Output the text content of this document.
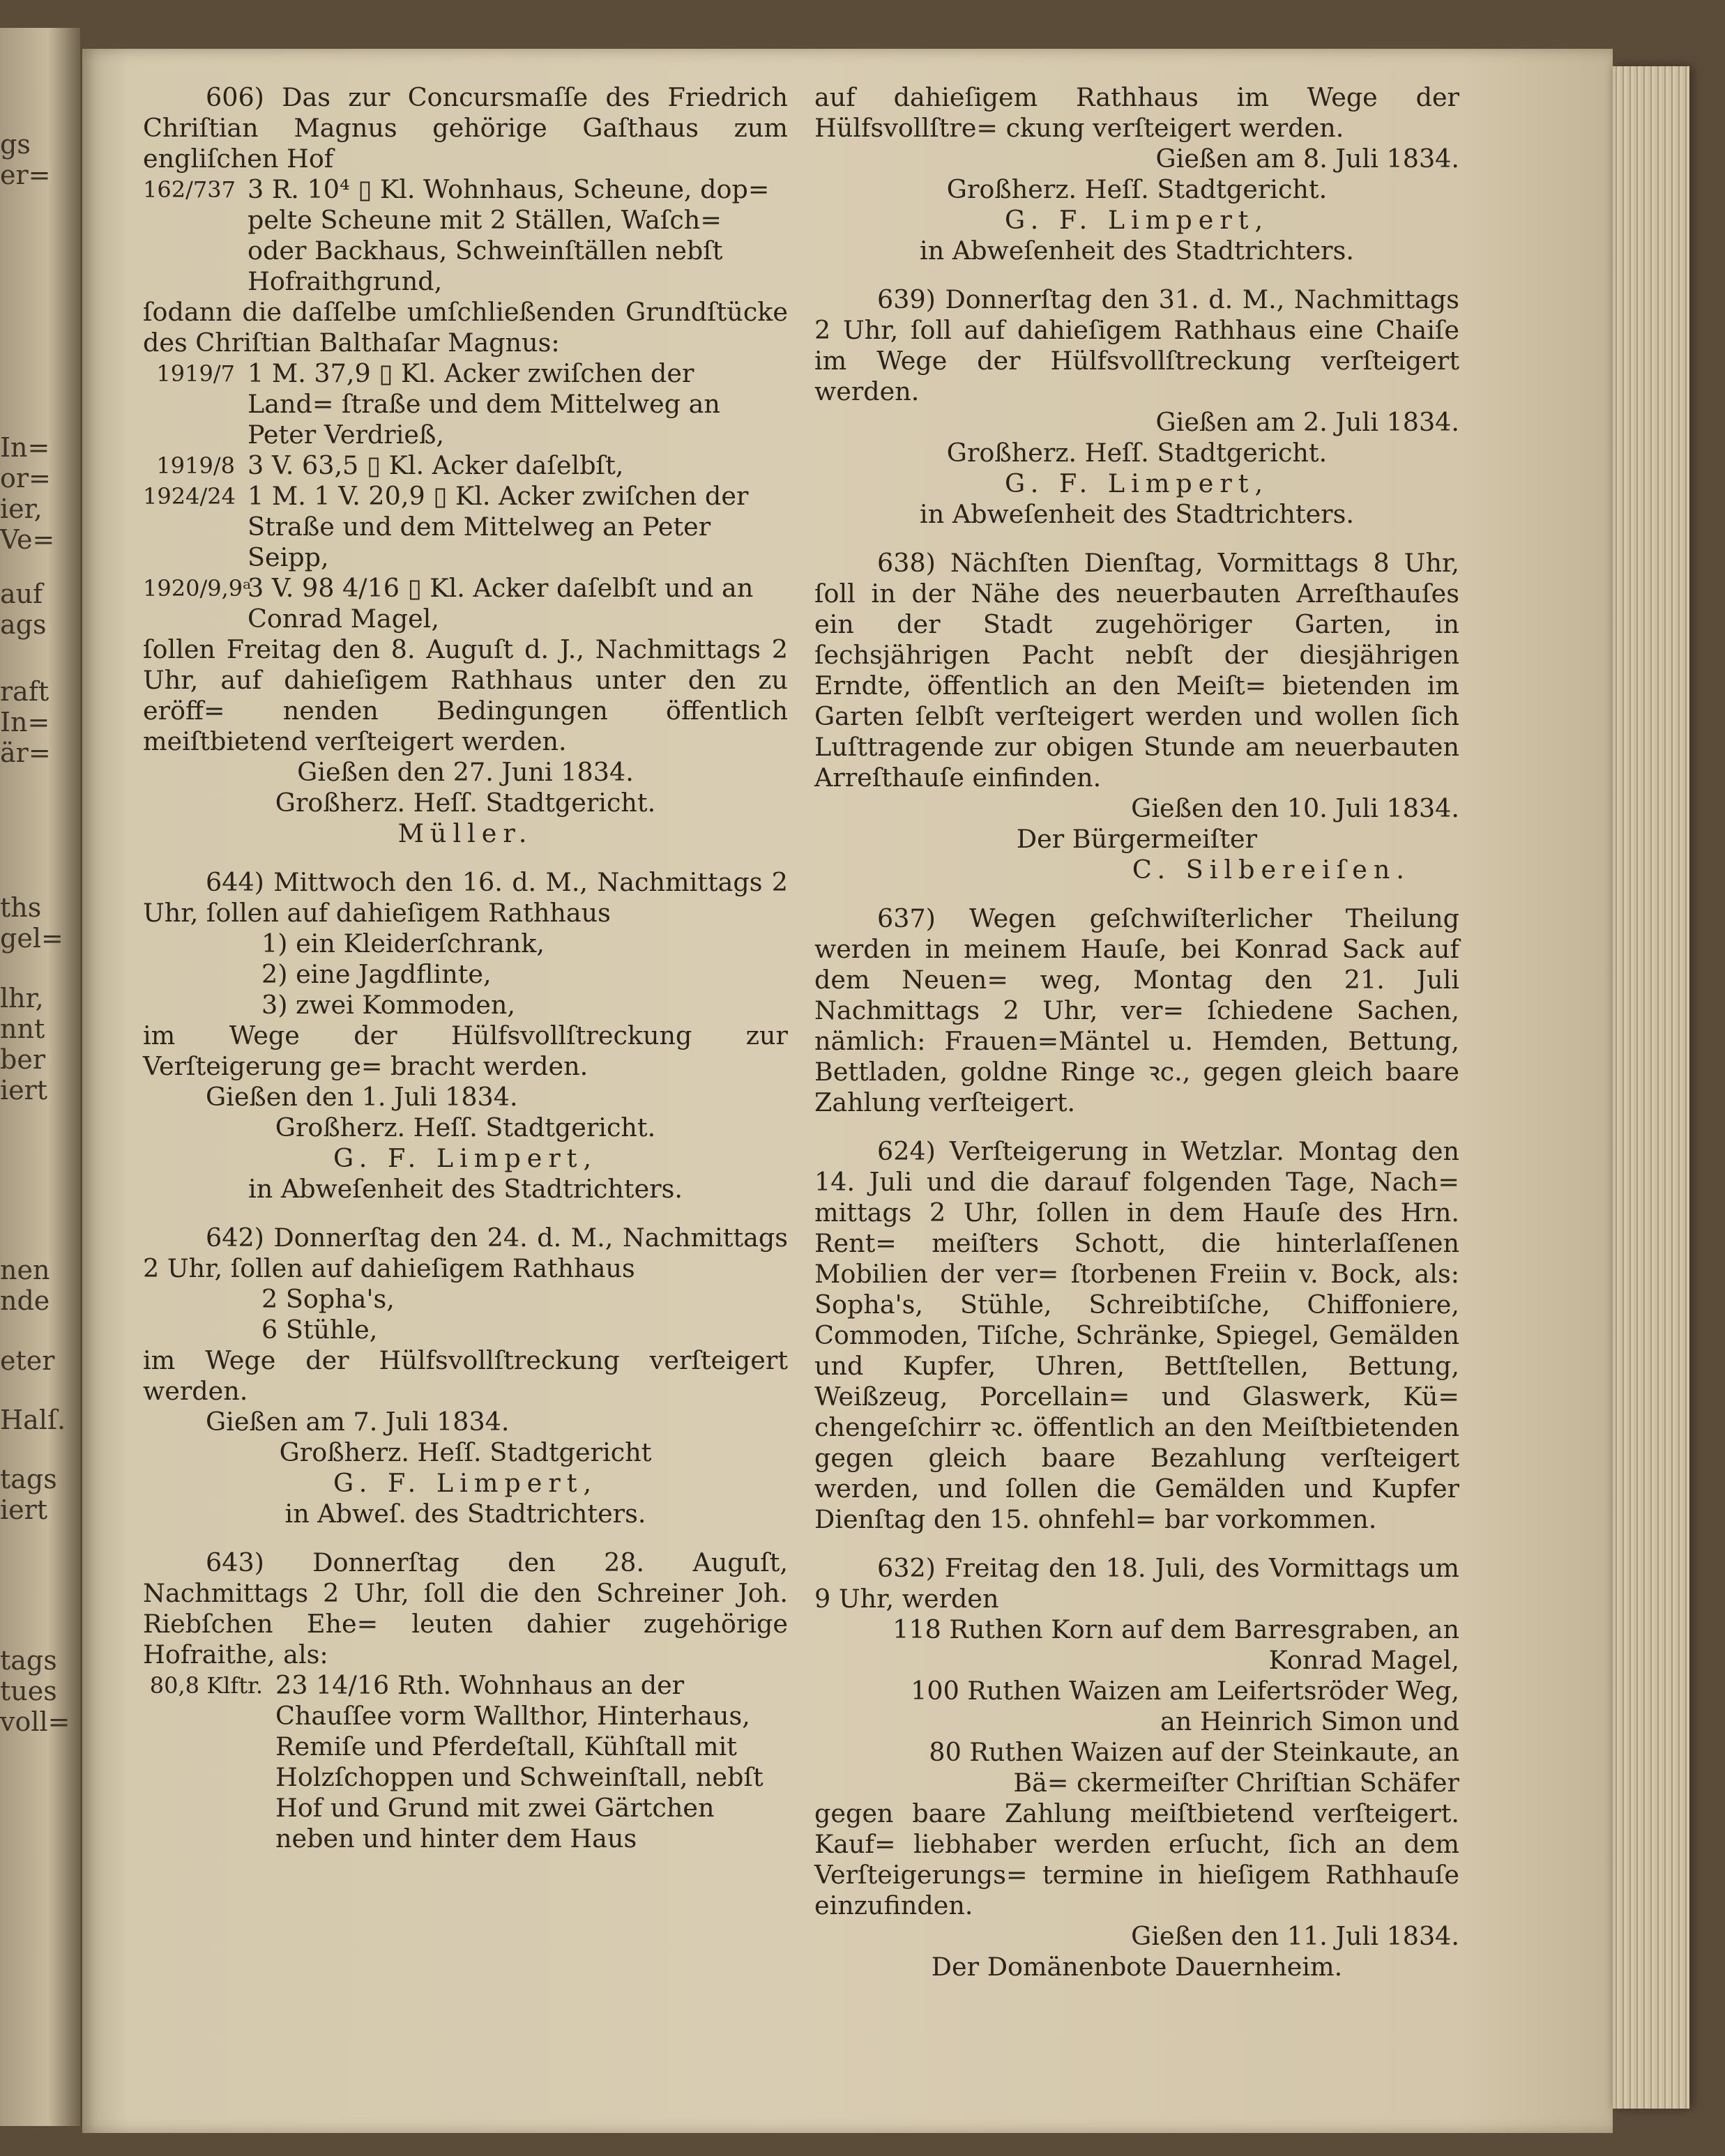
gs
er=
In=
or=
ier,
Ve=
auf
ags
raft
In=
är=
ths
gel=
lhr,
nnt
ber
iert
nen
nde
eter
Halſ.
tags
iert
tags
tues
voll=

606) Das zur Concursmaſſe des Friedrich Chriſtian Magnus gehörige Gaſthaus zum engliſchen Hof

162/737 3 R. 10⁴ ▯ Kl. Wohnhaus, Scheune, dop= pelte Scheune mit 2 Ställen, Waſch= oder Backhaus, Schweinſtällen nebſt Hofraithgrund,

ſodann die daſſelbe umſchließenden Grundſtücke des Chriſtian Balthaſar Magnus:

1919/7 1 M. 37,9 ▯ Kl. Acker zwiſchen der Land= ſtraße und dem Mittelweg an Peter Verdrieß,
1919/8 3 V. 63,5 ▯ Kl. Acker daſelbſt,
1924/24 1 M. 1 V. 20,9 ▯ Kl. Acker zwiſchen der Straße und dem Mittelweg an Peter Seipp,
1920/9,9ᵃ
3 V. 98 4/16 ▯ Kl. Acker daſelbſt und an Conrad Magel,

ſollen Freitag den 8. Auguſt d. J., Nachmittags 2 Uhr, auf dahieſigem Rathhaus unter den zu eröff= nenden Bedingungen öffentlich meiſtbietend verſteigert werden.

Gießen den 27. Juni 1834.

Großherz. Heſſ. Stadtgericht.

Müller.

644) Mittwoch den 16. d. M., Nachmittags 2 Uhr, ſollen auf dahieſigem Rathhaus

1) ein Kleiderſchrank,

2) eine Jagdflinte,

3) zwei Kommoden,

im Wege der Hülfsvollſtreckung zur Verſteigerung ge= bracht werden.

Gießen den 1. Juli 1834.

Großherz. Heſſ. Stadtgericht.

G. F. Limpert,

in Abweſenheit des Stadtrichters.

642) Donnerſtag den 24. d. M., Nachmittags 2 Uhr, ſollen auf dahieſigem Rathhaus

2 Sopha's,

6 Stühle,

im Wege der Hülfsvollſtreckung verſteigert werden.

Gießen am 7. Juli 1834.

Großherz. Heſſ. Stadtgericht

G. F. Limpert,

in Abweſ. des Stadtrichters.

643) Donnerſtag den 28. Auguſt, Nachmittags 2 Uhr, ſoll die den Schreiner Joh. Riebſchen Ehe= leuten dahier zugehörige Hofraithe, als:

80,8 Klftr. 23 14/16 Rth. Wohnhaus an der Chauſſee vorm Wallthor, Hinterhaus, Remiſe und Pferdeſtall, Kühſtall mit Holzſchoppen und Schweinſtall, nebſt Hof und Grund mit zwei Gärtchen neben und hinter dem Haus

auf dahieſigem Rathhaus im Wege der Hülfsvollſtre= ckung verſteigert werden.

Gießen am 8. Juli 1834.

Großherz. Heſſ. Stadtgericht.

G. F. Limpert,

in Abweſenheit des Stadtrichters.

639) Donnerſtag den 31. d. M., Nachmittags 2 Uhr, ſoll auf dahieſigem Rathhaus eine Chaiſe im Wege der Hülfsvollſtreckung verſteigert werden.

Gießen am 2. Juli 1834.

Großherz. Heſſ. Stadtgericht.

G. F. Limpert,

in Abweſenheit des Stadtrichters.

638) Nächſten Dienſtag, Vormittags 8 Uhr, ſoll in der Nähe des neuerbauten Arreſthauſes ein der Stadt zugehöriger Garten, in ſechsjährigen Pacht nebſt der diesjährigen Erndte, öffentlich an den Meiſt= bietenden im Garten ſelbſt verſteigert werden und wollen ſich Luſttragende zur obigen Stunde am neuerbauten Arreſthauſe einfinden.

Gießen den 10. Juli 1834.

Der Bürgermeiſter

C. Silbereiſen.

637) Wegen geſchwiſterlicher Theilung werden in meinem Hauſe, bei Konrad Sack auf dem Neuen= weg, Montag den 21. Juli Nachmittags 2 Uhr, ver= ſchiedene Sachen, nämlich: Frauen=Mäntel u. Hemden, Bettung, Bettladen, goldne Ringe ꝛc., gegen gleich baare Zahlung verſteigert.

624) Verſteigerung in Wetzlar. Montag den 14. Juli und die darauf folgenden Tage, Nach= mittags 2 Uhr, ſollen in dem Hauſe des Hrn. Rent= meiſters Schott, die hinterlaſſenen Mobilien der ver= ſtorbenen Freiin v. Bock, als: Sopha's, Stühle, Schreibtiſche, Chiffoniere, Commoden, Tiſche, Schränke, Spiegel, Gemälden und Kupfer, Uhren, Bettſtellen, Bettung, Weißzeug, Porcellain= und Glaswerk, Kü= chengeſchirr ꝛc. öffentlich an den Meiſtbietenden gegen gleich baare Bezahlung verſteigert werden, und ſollen die Gemälden und Kupfer Dienſtag den 15. ohnfehl= bar vorkommen.

632) Freitag den 18. Juli, des Vormittags um 9 Uhr, werden

118 Ruthen Korn auf dem Barresgraben, an Konrad Magel,

100 Ruthen Waizen am Leifertsröder Weg, an Heinrich Simon und

80 Ruthen Waizen auf der Steinkaute, an Bä= ckermeiſter Chriſtian Schäfer

gegen baare Zahlung meiſtbietend verſteigert. Kauf= liebhaber werden erſucht, ſich an dem Verſteigerungs= termine in hieſigem Rathhauſe einzufinden.

Gießen den 11. Juli 1834.

Der Domänenbote Dauernheim.
